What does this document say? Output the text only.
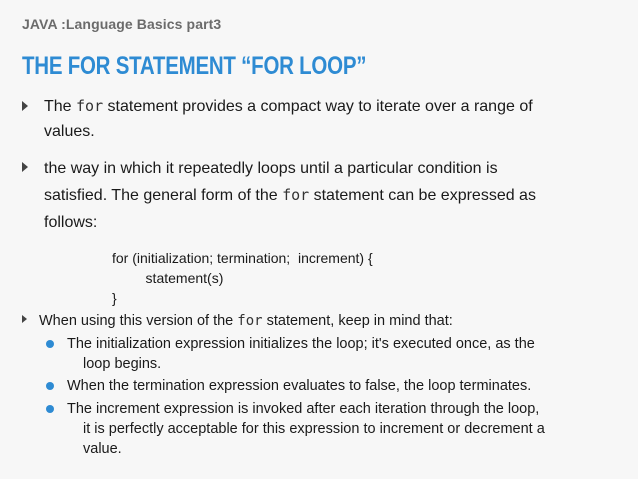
JAVA :Language Basics part3
THE FOR STATEMENT “FOR LOOP”
The for statement provides a compact way to iterate over a range of
values.
the way in which it repeatedly loops until a particular condition is
satisfied. The general form of the for statement can be expressed as
follows:
for (initialization; termination;  increment) {
statement(s)
}
When using this version of the for statement, keep in mind that:
The initialization expression initializes the loop; it's executed once, as the
loop begins.
When the termination expression evaluates to false, the loop terminates.
The increment expression is invoked after each iteration through the loop,
it is perfectly acceptable for this expression to increment or decrement a
value.
